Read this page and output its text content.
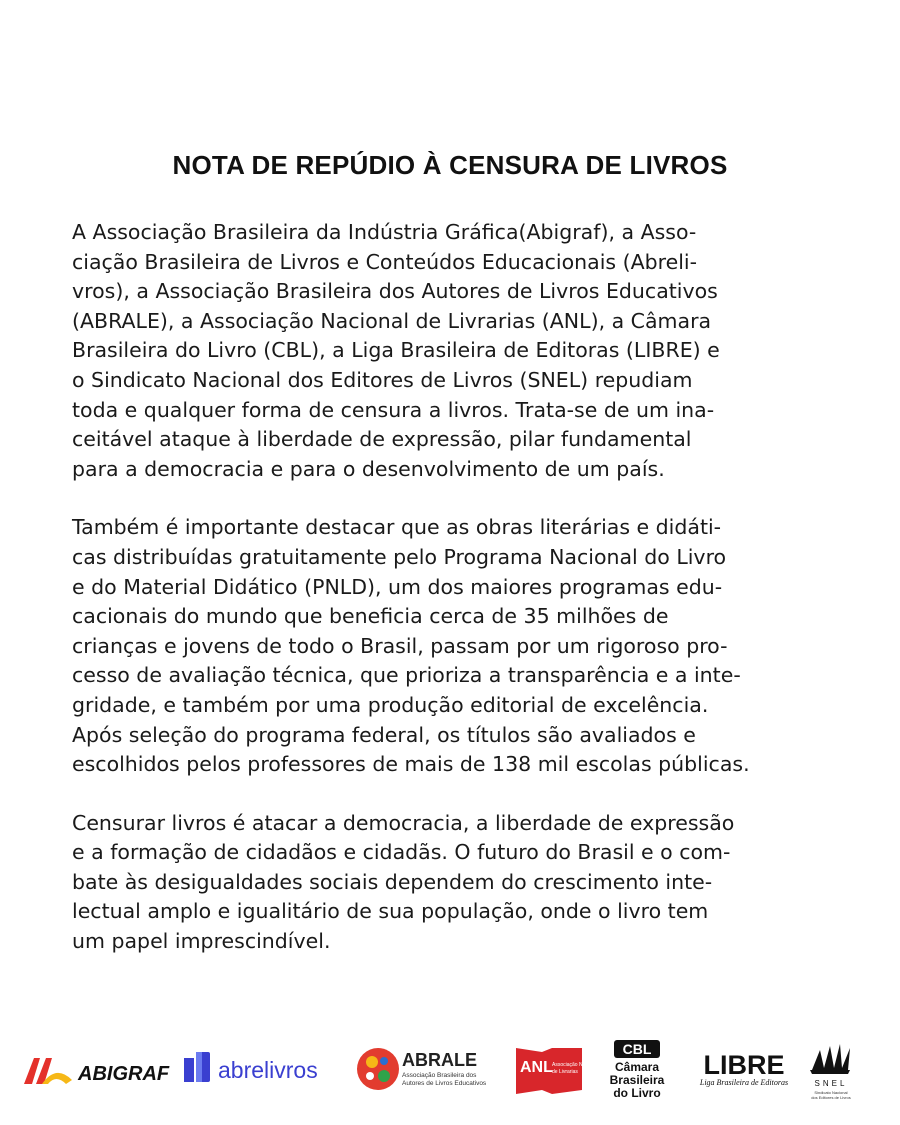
NOTA DE REPÚDIO À CENSURA DE LIVROS
A Associação Brasileira da Indústria Gráfica(Abigraf), a Asso-
ciação Brasileira de Livros e Conteúdos Educacionais (Abreli-
vros), a Associação Brasileira dos Autores de Livros Educativos
(ABRALE), a Associação Nacional de Livrarias (ANL), a Câmara
Brasileira do Livro (CBL), a Liga Brasileira de Editoras (LIBRE) e
o Sindicato Nacional dos Editores de Livros (SNEL) repudiam
toda e qualquer forma de censura a livros. Trata-se de um ina-
ceitável ataque à liberdade de expressão, pilar fundamental
para a democracia e para o desenvolvimento de um país.
Também é importante destacar que as obras literárias e didáti-
cas distribuídas gratuitamente pelo Programa Nacional do Livro
e do Material Didático (PNLD), um dos maiores programas edu-
cacionais do mundo que beneficia cerca de 35 milhões de
crianças e jovens de todo o Brasil, passam por um rigoroso pro-
cesso de avaliação técnica, que prioriza a transparência e a inte-
gridade, e também por uma produção editorial de excelência.
Após seleção do programa federal, os títulos são avaliados e
escolhidos pelos professores de mais de 138 mil escolas públicas.
Censurar livros é atacar a democracia, a liberdade de expressão
e a formação de cidadãos e cidadãs. O futuro do Brasil e o com-
bate às desigualdades sociais dependem do crescimento inte-
lectual amplo e igualitário de sua população, onde o livro tem
um papel imprescindível.
ABIGRAF abrelivros	ABRALE
Associação Brasileira dos
Autores de Livros Educativos
ANL Associação Nacional
de Livrarias
CBL
Câmara
Brasileira
do Livro
LIBRE
Liga Brasileira de Editoras	SNEL
Sindicato Nacional
dos Editores de Livros
